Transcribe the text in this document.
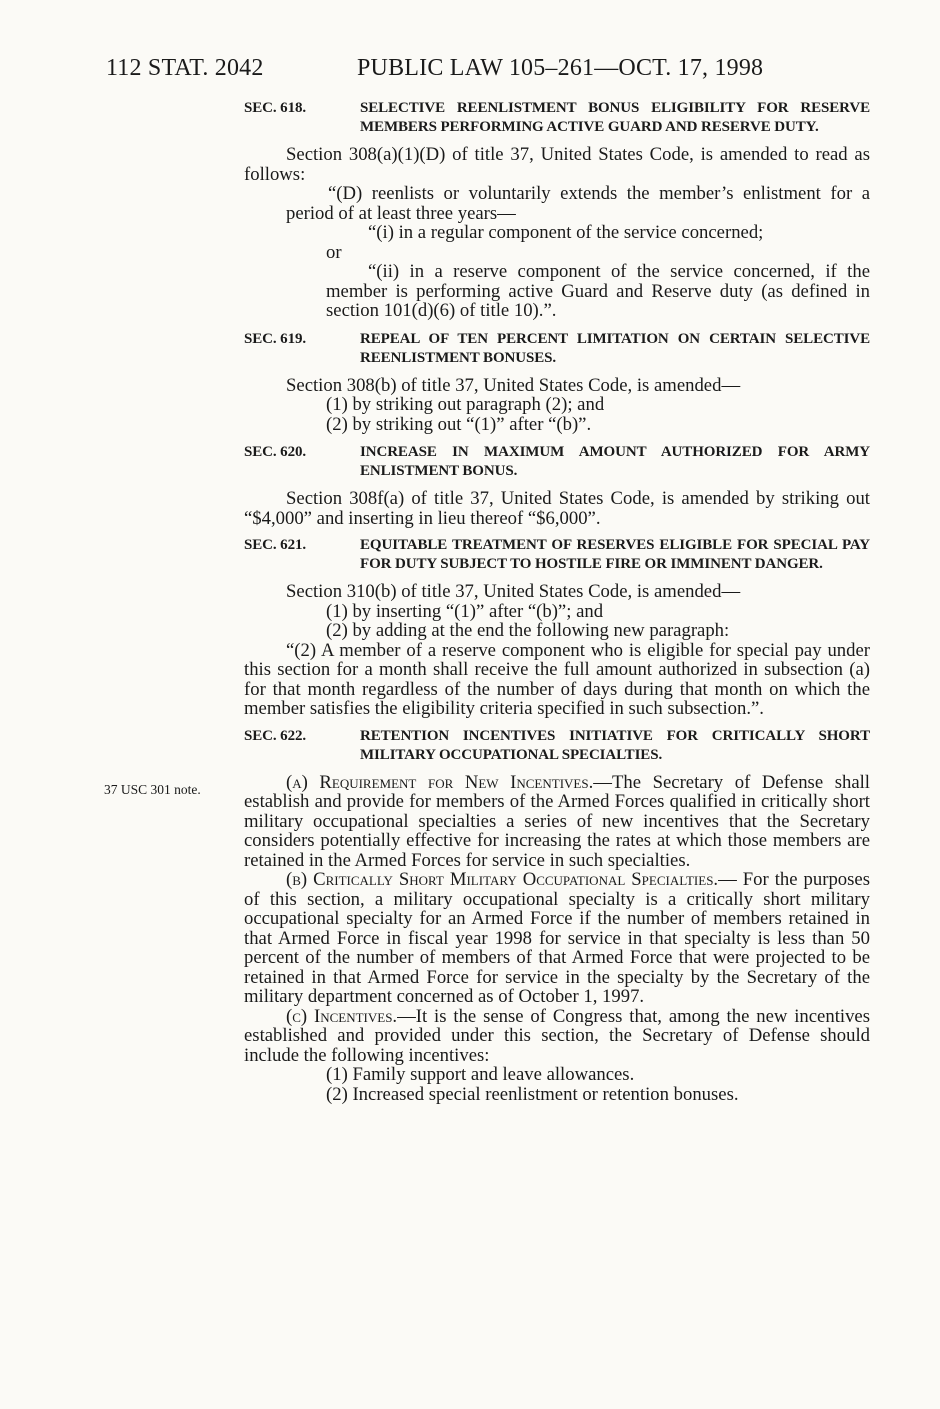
112 STAT. 2042	PUBLIC LAW 105–261—OCT. 17, 1998
37 USC 301 note.
SEC. 618.	SELECTIVE REENLISTMENT BONUS ELIGIBILITY FOR RESERVE MEMBERS PERFORMING ACTIVE GUARD AND RESERVE DUTY.

Section 308(a)(1)(D) of title 37, United States Code, is amended to read as follows:

“(D) reenlists or voluntarily extends the member’s enlistment for a period of at least three years—

“(i) in a regular component of the service concerned;

or

“(ii) in a reserve component of the service concerned, if the member is performing active Guard and Reserve duty (as defined in section 101(d)(6) of title 10).”.

SEC. 619.	REPEAL OF TEN PERCENT LIMITATION ON CERTAIN SELECTIVE REENLISTMENT BONUSES.

Section 308(b) of title 37, United States Code, is amended—

(1) by striking out paragraph (2); and

(2) by striking out “(1)” after “(b)”.

SEC. 620.	INCREASE IN MAXIMUM AMOUNT AUTHORIZED FOR ARMY ENLISTMENT BONUS.

Section 308f(a) of title 37, United States Code, is amended by striking out “$4,000” and inserting in lieu thereof “$6,000”.

SEC. 621.	EQUITABLE TREATMENT OF RESERVES ELIGIBLE FOR SPECIAL PAY FOR DUTY SUBJECT TO HOSTILE FIRE OR IMMINENT DANGER.

Section 310(b) of title 37, United States Code, is amended—

(1) by inserting “(1)” after “(b)”; and

(2) by adding at the end the following new paragraph:

“(2) A member of a reserve component who is eligible for special pay under this section for a month shall receive the full amount authorized in subsection (a) for that month regardless of the number of days during that month on which the member satisfies the eligibility criteria specified in such subsection.”.

SEC. 622.	RETENTION INCENTIVES INITIATIVE FOR CRITICALLY SHORT MILITARY OCCUPATIONAL SPECIALTIES.

(a) Requirement for New Incentives.—The Secretary of Defense shall establish and provide for members of the Armed Forces qualified in critically short military occupational specialties a series of new incentives that the Secretary considers potentially effective for increasing the rates at which those members are retained in the Armed Forces for service in such specialties.

(b) Critically Short Military Occupational Specialties.— For the purposes of this section, a military occupational specialty is a critically short military occupational specialty for an Armed Force if the number of members retained in that Armed Force in fiscal year 1998 for service in that specialty is less than 50 percent of the number of members of that Armed Force that were projected to be retained in that Armed Force for service in the specialty by the Secretary of the military department concerned as of October 1, 1997.

(c) Incentives.—It is the sense of Congress that, among the new incentives established and provided under this section, the Secretary of Defense should include the following incentives:

(1) Family support and leave allowances.

(2) Increased special reenlistment or retention bonuses.
